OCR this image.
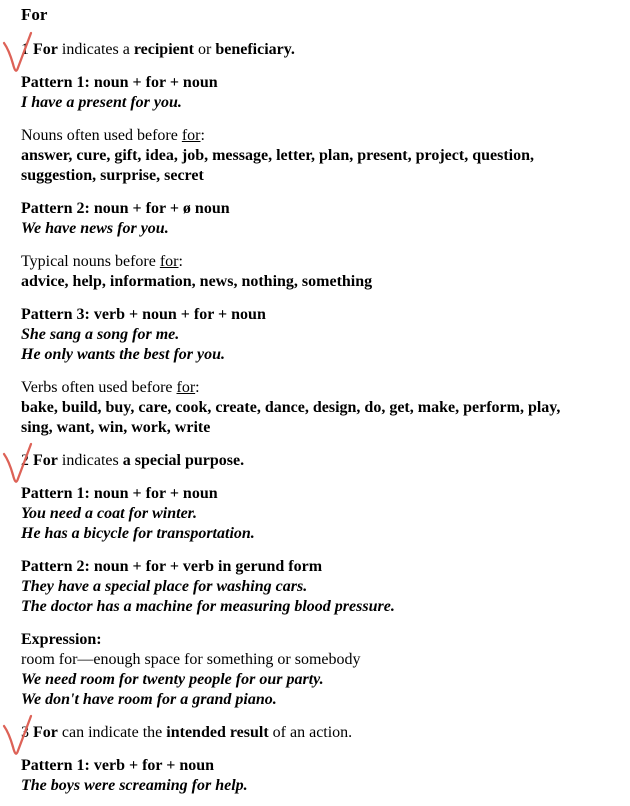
For

1 For indicates a recipient or beneficiary.

Pattern 1: noun + for + noun
I have a present for you.

Nouns often used before for:
answer, cure, gift, idea, job, message, letter, plan, present, project, question,
suggestion, surprise, secret

Pattern 2: noun + for + ø noun
We have news for you.

Typical nouns before for:
advice, help, information, news, nothing, something

Pattern 3: verb + noun + for + noun
She sang a song for me.
He only wants the best for you.

Verbs often used before for:
bake, build, buy, care, cook, create, dance, design, do, get, make, perform, play,
sing, want, win, work, write

2 For indicates a special purpose.

Pattern 1: noun + for + noun
You need a coat for winter.
He has a bicycle for transportation.

Pattern 2: noun + for + verb in gerund form
They have a special place for washing cars.
The doctor has a machine for measuring blood pressure.

Expression:
room for—enough space for something or somebody
We need room for twenty people for our party.
We don't have room for a grand piano.

3 For can indicate the intended result of an action.

Pattern 1: verb + for + noun
The boys were screaming for help.
